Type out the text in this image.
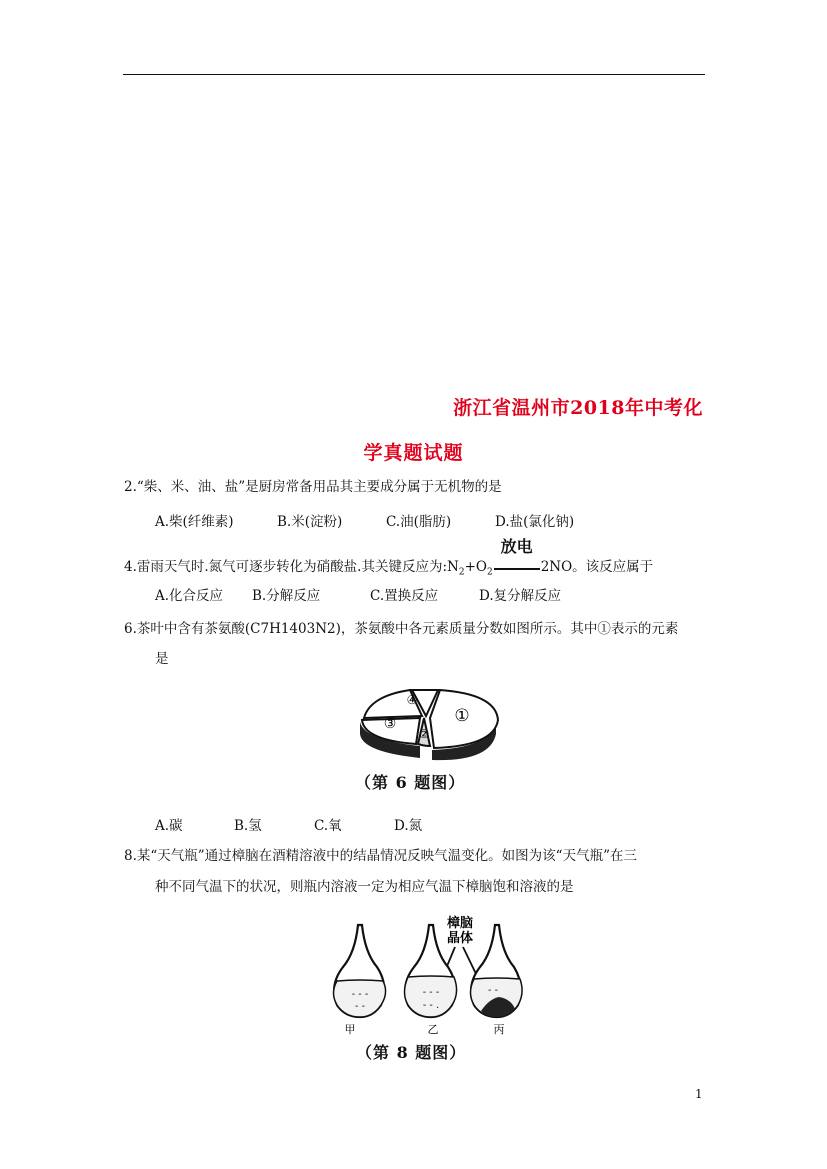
浙江省温州市2018年中考化
学真题试题
2.“柴、米、油、盐”是厨房常备用品其主要成分属于无机物的是
A.柴(纤维素)	B.米(淀粉)	C.油(脂肪)	D.盐(氯化钠)
4.雷雨天气时.氮气可逐步转化为硝酸盐.其关键反应为$:N_2+O_2$
放电
2NO。该反应属于
A.化合反应 B.分解反应	C.置换反应	D.复分解反应
6.茶叶中含有茶氨酸(C7H1403N2)，茶氨酸中各元素质量分数如图所示。其中①表示的元素
是
①
②
③
④
（第 6 题图）
A.碳	B.氢	C.氧	D.氮
8.某“天气瓶”通过樟脑在酒精溶液中的结晶情况反映气温变化。如图为该“天气瓶”在三
种不同气温下的状况，则瓶内溶液一定为相应气温下樟脑饱和溶液的是
樟脑
晶体
- - -
- -
- - -
- - .
- -
甲	乙	丙
（第 8 题图）
1
